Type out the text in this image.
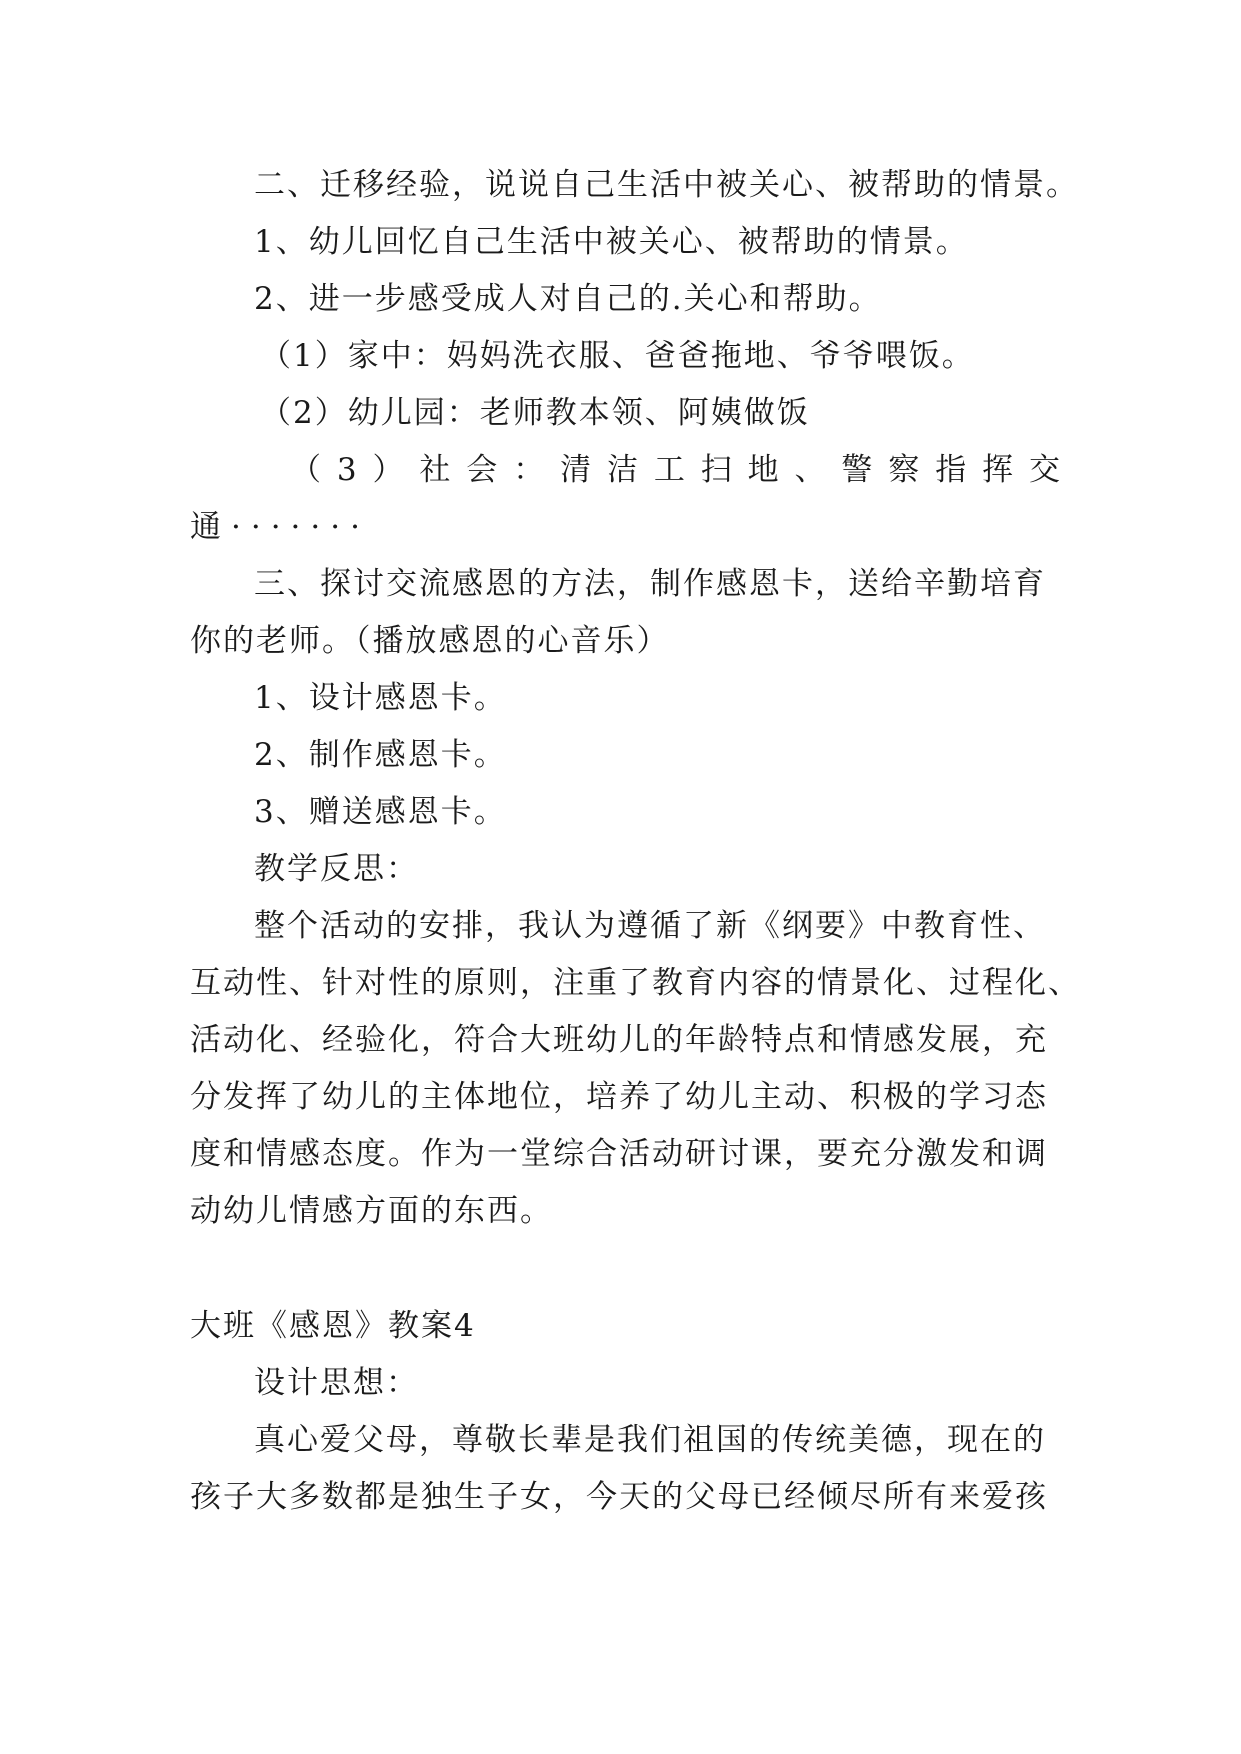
二、迁移经验，说说自己生活中被关心、被帮助的情景。
1、幼儿回忆自己生活中被关心、被帮助的情景。
2、进一步感受成人对自己的.关心和帮助。
（1）家中：妈妈洗衣服、爸爸拖地、爷爷喂饭。
（2）幼儿园：老师教本领、阿姨做饭
（ 3 ） 社 会 ： 清 洁 工 扫 地 、 警 察 指 挥 交
通·······
三、探讨交流感恩的方法，制作感恩卡，送给辛勤培育
你的老师。（播放感恩的心音乐）
1、设计感恩卡。
2、制作感恩卡。
3、赠送感恩卡。
教学反思：
整个活动的安排，我认为遵循了新《纲要》中教育性、
互动性、针对性的原则，注重了教育内容的情景化、过程化、
活动化、经验化，符合大班幼儿的年龄特点和情感发展，充
分发挥了幼儿的主体地位，培养了幼儿主动、积极的学习态
度和情感态度。作为一堂综合活动研讨课，要充分激发和调
动幼儿情感方面的东西。
大班《感恩》教案4
设计思想：
真心爱父母，尊敬长辈是我们祖国的传统美德，现在的
孩子大多数都是独生子女，今天的父母已经倾尽所有来爱孩
